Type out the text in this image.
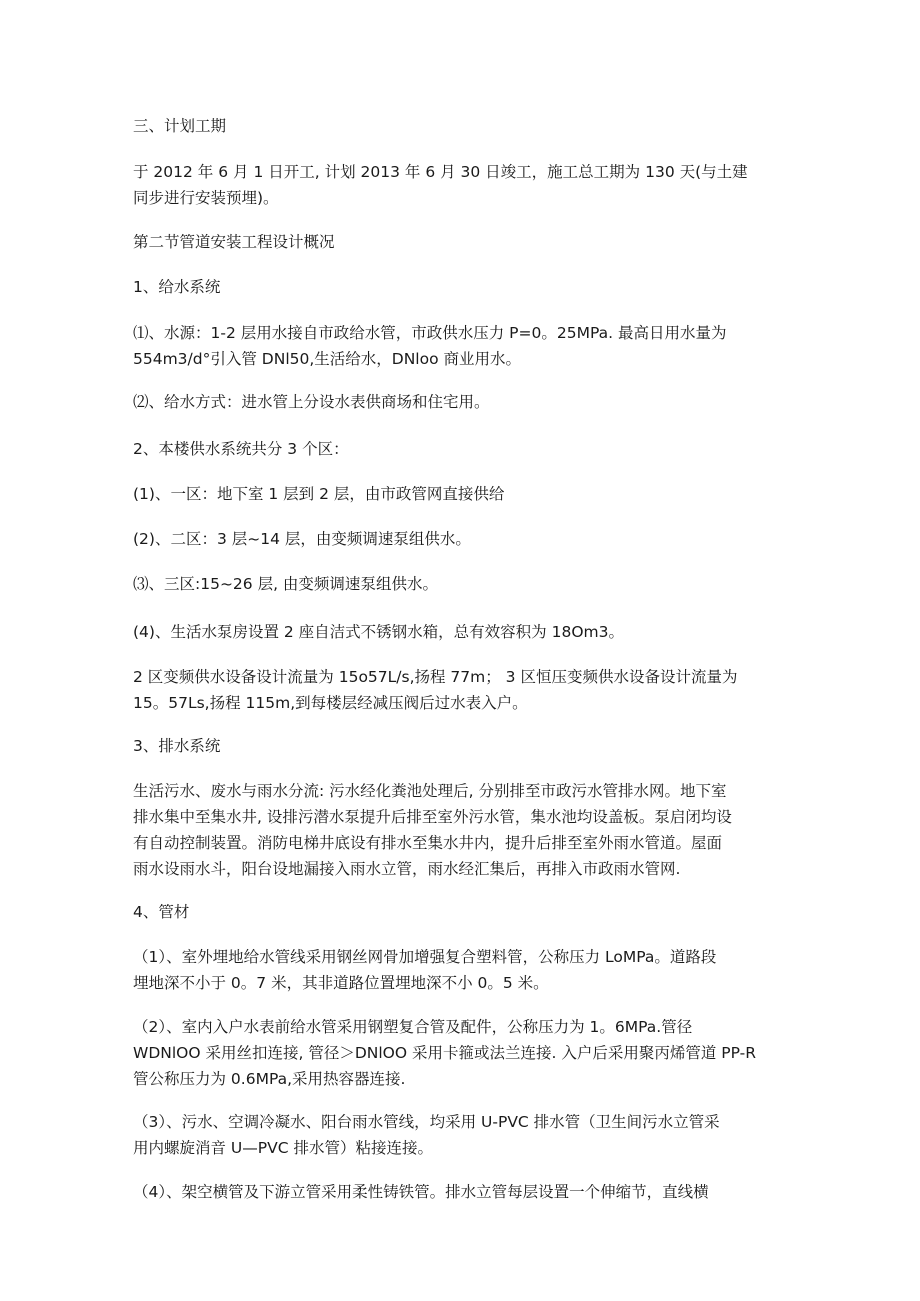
三、计划工期

于 2012 年 6 月 1 日开工, 计划 2013 年 6 月 30 日竣工，施工总工期为 130 天(与土建
同步进行安装预埋)。

第二节管道安装工程设计概况

1、给水系统

⑴、水源：1-2 层用水接自市政给水管，市政供水压力 P=0。25MPa. 最高日用水量为
554m3∕d°引入管 DNl50,生活给水，DNloo 商业用水。

⑵、给水方式：进水管上分设水表供商场和住宅用。

2、本楼供水系统共分 3 个区：

(1)、一区：地下室 1 层到 2 层，由市政管网直接供给

(2)、二区：3 层~14 层，由变频调速泵组供水。

⑶、三区:15~26 层, 由变频调速泵组供水。

(4)、生活水泵房设置 2 座自洁式不锈钢水箱，总有效容积为 18Om3。

2 区变频供水设备设计流量为 15o57L∕s,扬程 77m； 3 区恒压变频供水设备设计流量为
15。57Ls,扬程 115m,到每楼层经减压阀后过水表入户。

3、排水系统

生活污水、废水与雨水分流: 污水经化粪池处理后, 分别排至市政污水管排水网。地下室
排水集中至集水井, 设排污潜水泵提升后排至室外污水管，集水池均设盖板。泵启闭均设
有自动控制装置。消防电梯井底设有排水至集水井内，提升后排至室外雨水管道。屋面
雨水设雨水斗，阳台设地漏接入雨水立管，雨水经汇集后，再排入市政雨水管网.

4、管材

（1）、室外埋地给水管线采用钢丝网骨加增强复合塑料管，公称压力 LoMPa。道路段
埋地深不小于 0。7 米，其非道路位置埋地深不小 0。5 米。

（2）、室内入户水表前给水管采用钢塑复合管及配件，公称压力为 1。6MPa.管径
WDNlOO 采用丝扣连接, 管径＞DNlOO 采用卡箍或法兰连接. 入户后采用聚丙烯管道 PP-R
管公称压力为 0.6MPa,采用热容器连接.

（3）、污水、空调冷凝水、阳台雨水管线，均采用 U-PVC 排水管（卫生间污水立管采
用内螺旋消音 U—PVC 排水管）粘接连接。

（4）、架空横管及下游立管采用柔性铸铁管。排水立管每层设置一个伸缩节，直线横
